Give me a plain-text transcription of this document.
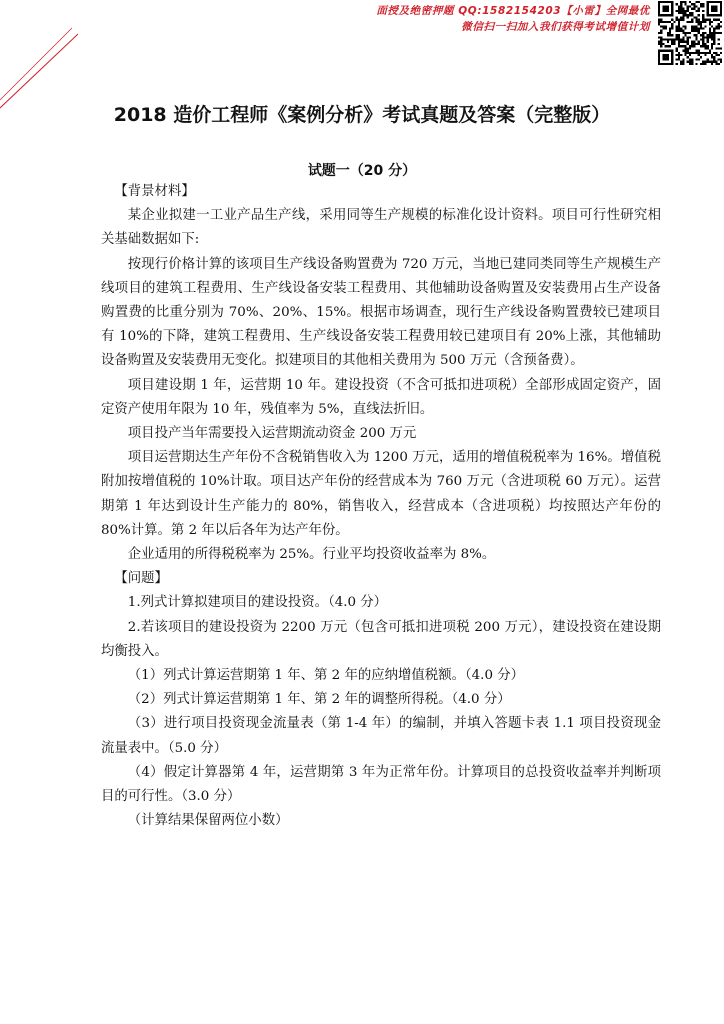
面授及绝密押题 QQ:1582154203【小雷】全网最优
微信扫一扫加入我们获得考试增值计划
2018 造价工程师《案例分析》考试真题及答案（完整版）
试题一（20 分）

【背景材料】

某企业拟建一工业产品生产线，采用同等生产规模的标准化设计资料。项目可行性研究相关基础数据如下:

按现行价格计算的该项目生产线设备购置费为 720 万元，当地已建同类同等生产规模生产线项目的建筑工程费用、生产线设备安装工程费用、其他辅助设备购置及安装费用占生产设备购置费的比重分别为 70%、20%、15%。根据市场调查，现行生产线设备购置费较已建项目有 10%的下降，建筑工程费用、生产线设备安装工程费用较已建项目有 20%上涨，其他辅助设备购置及安装费用无变化。拟建项目的其他相关费用为 500 万元（含预备费）。

项目建设期 1 年，运营期 10 年。建设投资（不含可抵扣进项税）全部形成固定资产，固定资产使用年限为 10 年，残值率为 5%，直线法折旧。

项目投产当年需要投入运营期流动资金 200 万元

项目运营期达生产年份不含税销售收入为 1200 万元，适用的增值税税率为 16%。增值税附加按增值税的 10%计取。项目达产年份的经营成本为 760 万元（含进项税 60 万元）。运营期第 1 年达到设计生产能力的 80%，销售收入，经营成本（含进项税）均按照达产年份的 80%计算。第 2 年以后各年为达产年份。

企业适用的所得税税率为 25%。行业平均投资收益率为 8%。

【问题】

1.列式计算拟建项目的建设投资。（4.0 分）

2.若该项目的建设投资为 2200 万元（包含可抵扣进项税 200 万元），建设投资在建设期均衡投入。

（1）列式计算运营期第 1 年、第 2 年的应纳增值税额。（4.0 分）

（2）列式计算运营期第 1 年、第 2 年的调整所得税。（4.0 分）

（3）进行项目投资现金流量表（第 1-4 年）的编制，并填入答题卡表 1.1 项目投资现金流量表中。（5.0 分）

（4）假定计算器第 4 年，运营期第 3 年为正常年份。计算项目的总投资收益率并判断项目的可行性。（3.0 分）

（计算结果保留两位小数）
